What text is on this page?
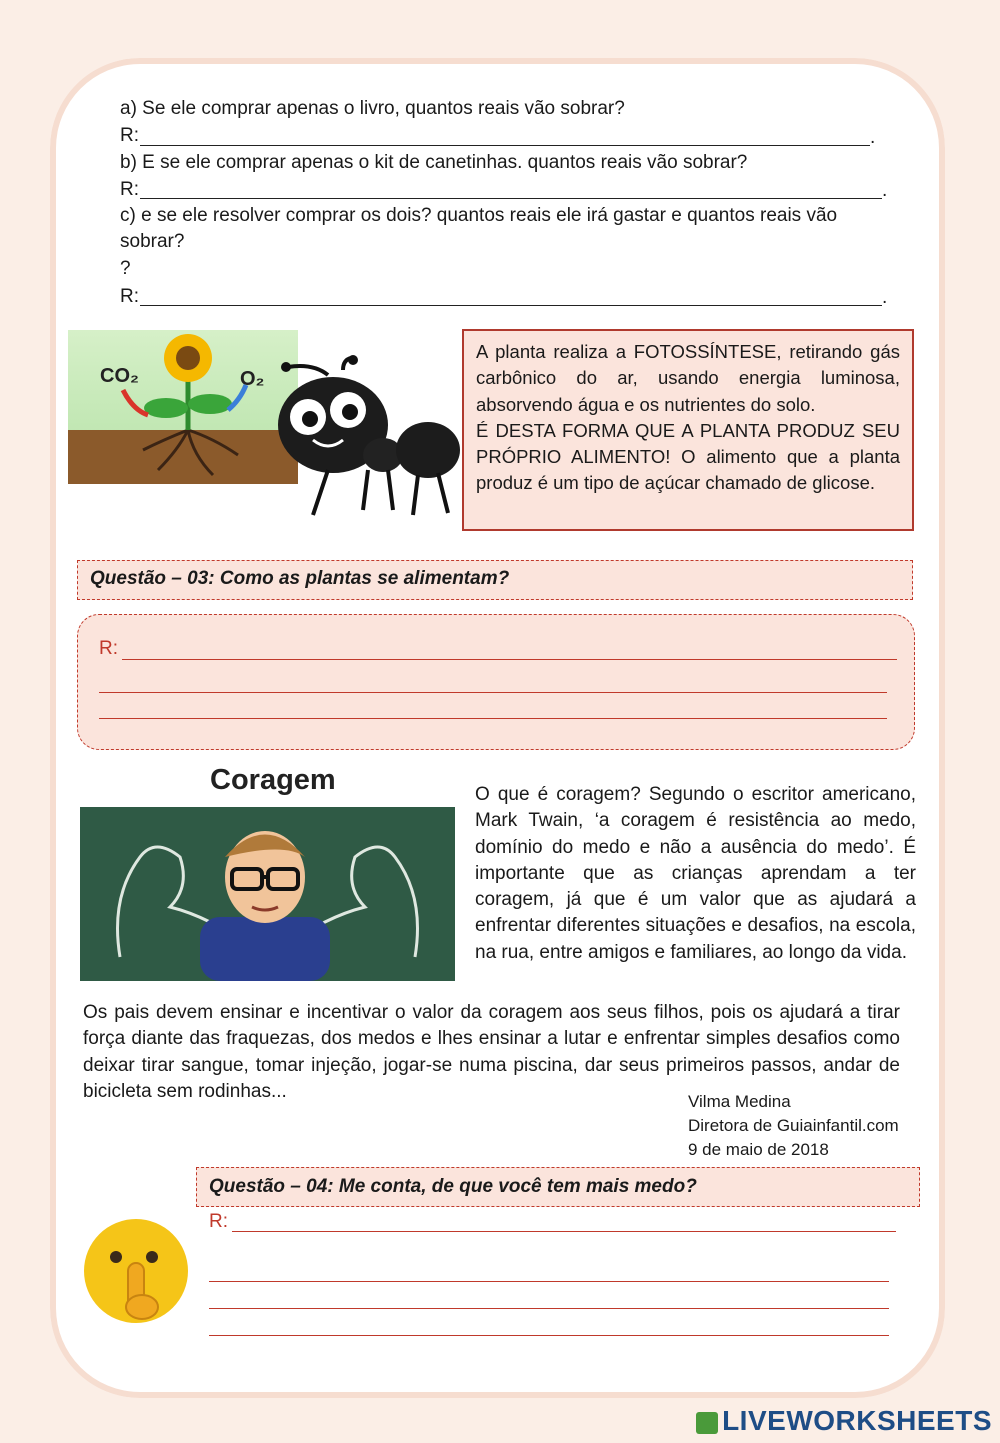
a) Se ele comprar apenas o livro, quantos reais vão sobrar?
R:	.
b) E se ele comprar apenas o kit de canetinhas. quantos reais vão sobrar?
R:	.
c) e se ele resolver comprar os dois? quantos reais ele irá gastar e quantos reais vão
sobrar?
?
R:	.
CO₂	O₂
A planta realiza a FOTOSSÍNTESE, retirando gás carbônico do ar, usando energia luminosa, absorvendo água e os nutrientes do solo.
É DESTA FORMA QUE A PLANTA PRODUZ SEU PRÓPRIO ALIMENTO! O alimento que a planta produz é um tipo de açúcar chamado de glicose.
Questão – 03: Como as plantas se alimentam?
R:
Coragem	O que é coragem? Segundo o escritor americano, Mark Twain, ‘a coragem é resistência ao medo, domínio do medo e não a ausência do medo’. É importante que as crianças aprendam a ter coragem, já que é um valor que as ajudará a enfrentar diferentes situações e desafios, na escola, na rua, entre amigos e familiares, ao longo da vida.
Os pais devem ensinar e incentivar o valor da coragem aos seus filhos, pois os ajudará a tirar força diante das fraquezas, dos medos e lhes ensinar a lutar e enfrentar simples desafios como deixar tirar sangue, tomar injeção, jogar-se numa piscina, dar seus primeiros passos, andar de bicicleta sem rodinhas...	Vilma Medina
Diretora de Guiainfantil.com
9 de maio de 2018
Questão – 04: Me conta, de que você tem mais medo?
R:
LIVEWORKSHEETS
